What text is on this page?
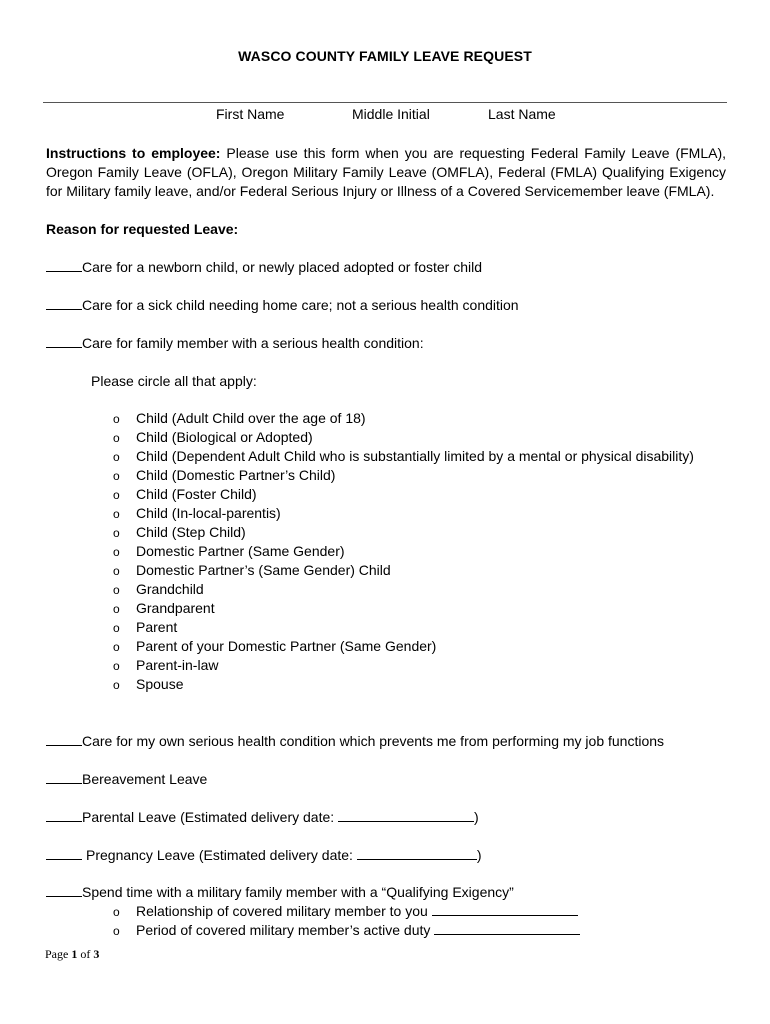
WASCO COUNTY FAMILY LEAVE REQUEST
First Name	Middle Initial	Last Name
Instructions to employee: Please use this form when you are requesting Federal Family Leave (FMLA), Oregon Family Leave (OFLA), Oregon Military Family Leave (OMFLA), Federal (FMLA) Qualifying Exigency for Military family leave, and/or Federal Serious Injury or Illness of a Covered Servicemember leave (FMLA).
Reason for requested Leave:
Care for a newborn child, or newly placed adopted or foster child
Care for a sick child needing home care; not a serious health condition
Care for family member with a serious health condition:
Please circle all that apply:
o Child (Adult Child over the age of 18)
o Child (Biological or Adopted)
o Child (Dependent Adult Child who is substantially limited by a mental or physical disability)
o Child (Domestic Partner’s Child)
o Child (Foster Child)
o Child (In-local-parentis)
o Child (Step Child)
o Domestic Partner (Same Gender)
o Domestic Partner’s (Same Gender) Child
o Grandchild
o Grandparent
o Parent
o Parent of your Domestic Partner (Same Gender)
o Parent-in-law
o Spouse
Care for my own serious health condition which prevents me from performing my job functions
Bereavement Leave
Parental Leave (Estimated delivery date:	)
Pregnancy Leave (Estimated delivery date:	)
Spend time with a military family member with a “Qualifying Exigency”
o Relationship of covered military member to you
o Period of covered military member’s active duty
Page 1 of 3
